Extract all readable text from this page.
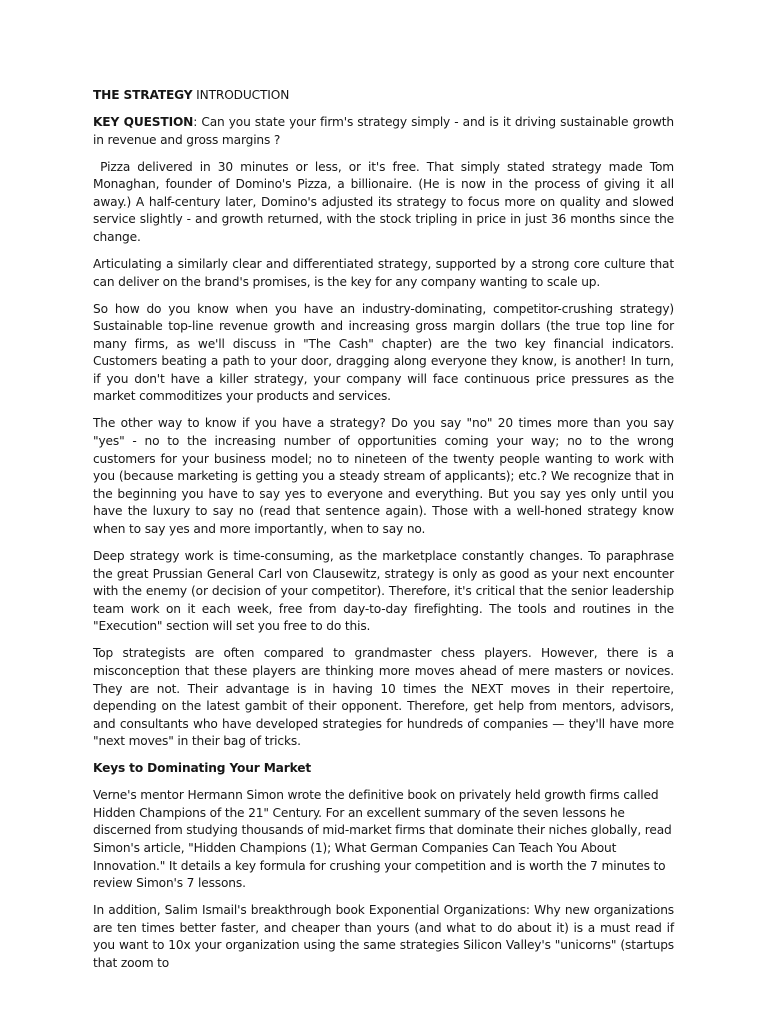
THE STRATEGY INTRODUCTION

KEY QUESTION: Can you state your firm's strategy simply - and is it driving sustainable growth in revenue and gross margins ?

Pizza delivered in 30 minutes or less, or it's free. That simply stated strategy made Tom Monaghan, founder of Domino's Pizza, a billionaire. (He is now in the process of giving it all away.) A half-century later, Domino's adjusted its strategy to focus more on quality and slowed service slightly - and growth returned, with the stock tripling in price in just 36 months since the change.

Articulating a similarly clear and differentiated strategy, supported by a strong core culture that can deliver on the brand's promises, is the key for any company wanting to scale up.

So how do you know when you have an industry-dominating, competitor-crushing strategy) Sustainable top-line revenue growth and increasing gross margin dollars (the true top line for many firms, as we'll discuss in "The Cash" chapter) are the two key financial indicators. Customers beating a path to your door, dragging along everyone they know, is another! In turn, if you don't have a killer strategy, your company will face continuous price pressures as the market commoditizes your products and services.

The other way to know if you have a strategy? Do you say "no" 20 times more than you say "yes" - no to the increasing number of opportunities coming your way; no to the wrong customers for your business model; no to nineteen of the twenty people wanting to work with you (because marketing is getting you a steady stream of applicants); etc.? We recognize that in the beginning you have to say yes to everyone and everything. But you say yes only until you have the luxury to say no (read that sentence again). Those with a well-honed strategy know when to say yes and more importantly, when to say no.

Deep strategy work is time-consuming, as the marketplace constantly changes. To paraphrase the great Prussian General Carl von Clausewitz, strategy is only as good as your next encounter with the enemy (or decision of your competitor). Therefore, it's critical that the senior leadership team work on it each week, free from day-to-day firefighting. The tools and routines in the "Execution" section will set you free to do this.

Top strategists are often compared to grandmaster chess players. However, there is a misconception that these players are thinking more moves ahead of mere masters or novices. They are not. Their advantage is in having 10 times the NEXT moves in their repertoire, depending on the latest gambit of their opponent. Therefore, get help from mentors, advisors, and consultants who have developed strategies for hundreds of companies — they'll have more "next moves" in their bag of tricks.

Keys to Dominating Your Market

Verne's mentor Hermann Simon wrote the definitive book on privately held growth firms called Hidden Champions of the 21" Century. For an excellent summary of the seven lessons he discerned from studying thousands of mid-market firms that dominate their niches globally, read Simon's article, "Hidden Champions (1); What German Companies Can Teach You About Innovation." It details a key formula for crushing your competition and is worth the 7 minutes to review Simon's 7 lessons.

In addition, Salim Ismail's breakthrough book Exponential Organizations: Why new organizations are ten times better faster, and cheaper than yours (and what to do about it) is a must read if you want to 10x your organization using the same strategies Silicon Valley's "unicorns" (startups that zoom to
